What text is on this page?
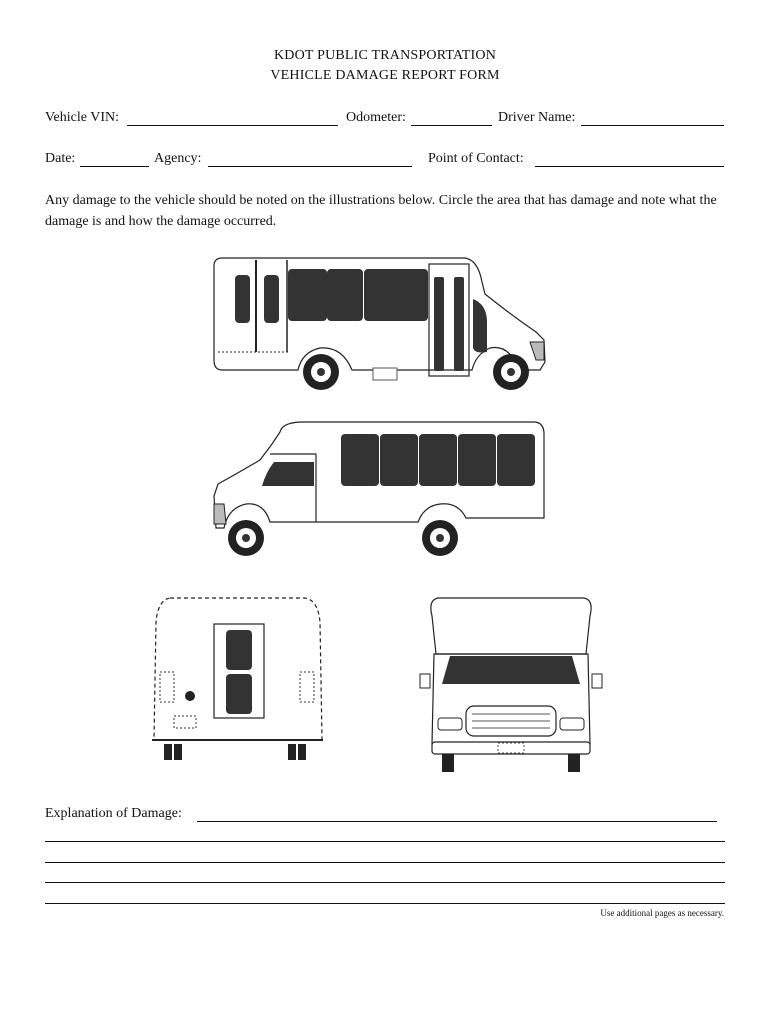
KDOT PUBLIC TRANSPORTATION
VEHICLE DAMAGE REPORT FORM
Vehicle VIN:	Odometer:	Driver Name:
Date:	Agency:	Point of Contact:
Any damage to the vehicle should be noted on the illustrations below. Circle the area that has damage and note what the damage is and how the damage occurred.
Explanation of Damage:
Use additional pages as necessary.
